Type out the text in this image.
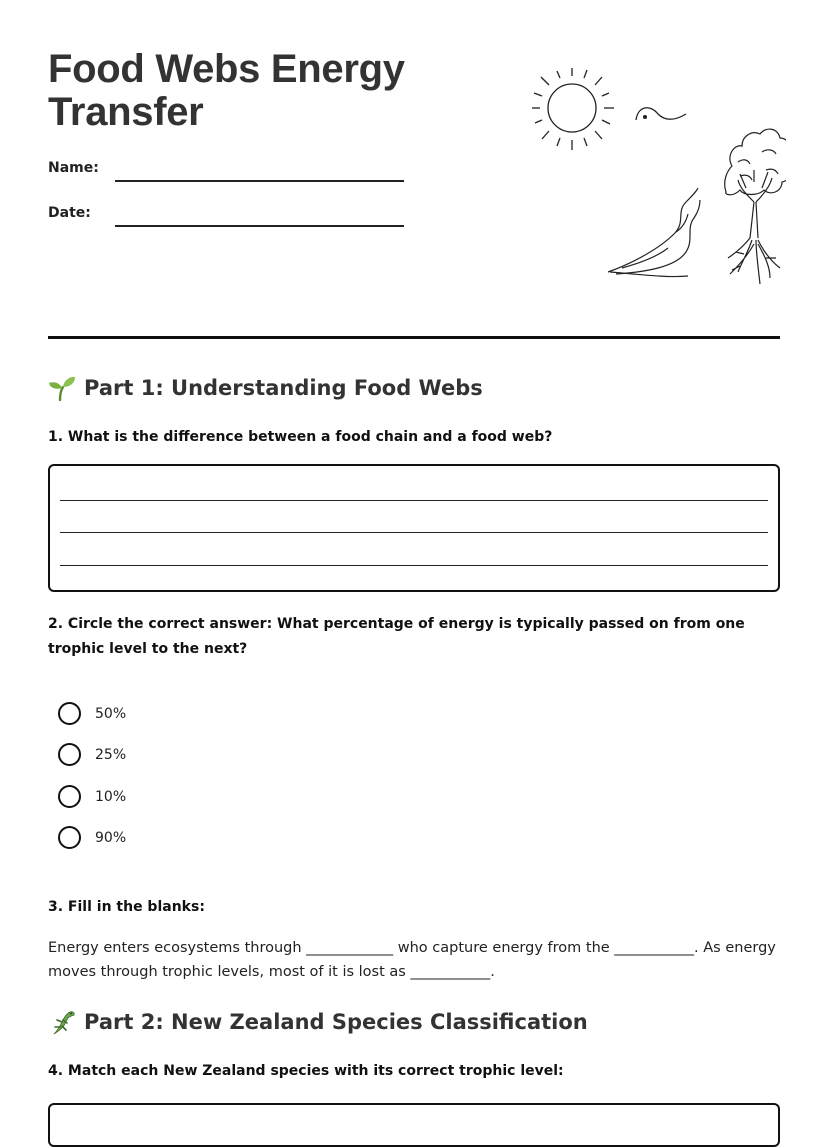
Food Webs Energy Transfer
Name:
Date:
Part 1: Understanding Food Webs

1. What is the difference between a food chain and a food web?

2. Circle the correct answer: What percentage of energy is typically passed on from one trophic level to the next?

50%
25%
10%
90%

3. Fill in the blanks:

Energy enters ecosystems through ____________ who capture energy from the ___________. As energy moves through trophic levels, most of it is lost as ___________.

Part 2: New Zealand Species Classification

4. Match each New Zealand species with its correct trophic level:
